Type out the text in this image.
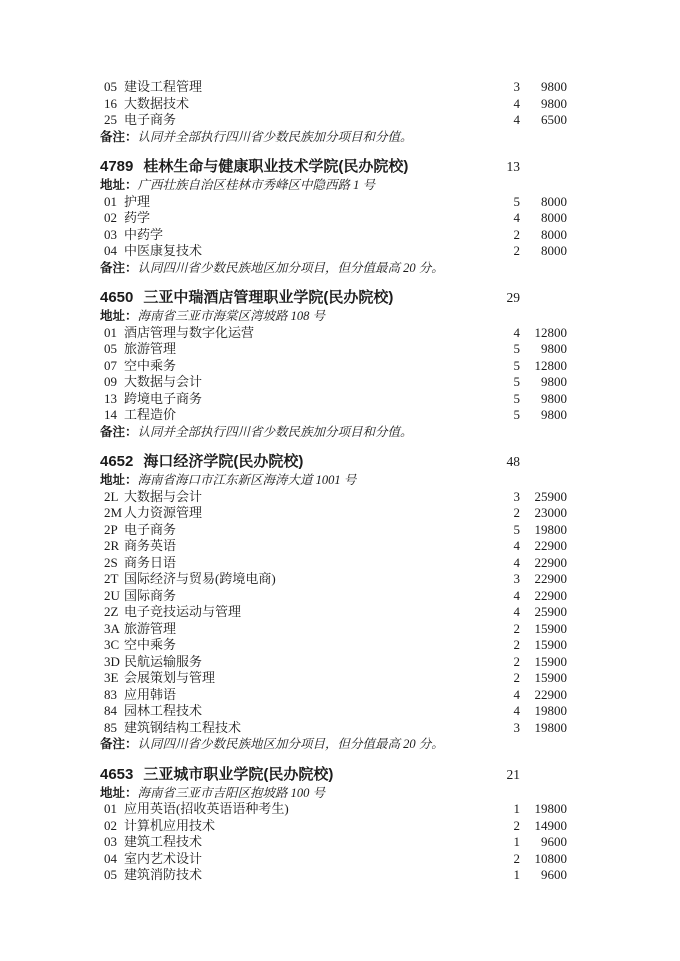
05 建设工程管理	3	9800
16 大数据技术	4	9800
25 电子商务	4	6500
备注：认同并全部执行四川省少数民族加分项目和分值。
4789 桂林生命与健康职业技术学院(民办院校)	13
地址：广西壮族自治区桂林市秀峰区中隐西路 1 号
01 护理	5	8000
02 药学	4	8000
03 中药学	2	8000
04 中医康复技术	2	8000
备注：认同四川省少数民族地区加分项目，但分值最高 20 分。
4650 三亚中瑞酒店管理职业学院(民办院校)	29
地址：海南省三亚市海棠区湾坡路 108 号
01 酒店管理与数字化运营	4	12800
05 旅游管理	5	9800
07 空中乘务	5	12800
09 大数据与会计	5	9800
13 跨境电子商务	5	9800
14 工程造价	5	9800
备注：认同并全部执行四川省少数民族加分项目和分值。
4652 海口经济学院(民办院校)	48
地址：海南省海口市江东新区海涛大道 1001 号
2L 大数据与会计	3	25900
2M 人力资源管理	2	23000
2P 电子商务	5	19800
2R 商务英语	4	22900
2S 商务日语	4	22900
2T 国际经济与贸易(跨境电商)	3	22900
2U 国际商务	4	22900
2Z 电子竞技运动与管理	4	25900
3A 旅游管理	2	15900
3C 空中乘务	2	15900
3D 民航运输服务	2	15900
3E 会展策划与管理	2	15900
83 应用韩语	4	22900
84 园林工程技术	4	19800
85 建筑钢结构工程技术	3	19800
备注：认同四川省少数民族地区加分项目，但分值最高 20 分。
4653 三亚城市职业学院(民办院校)	21
地址：海南省三亚市吉阳区抱坡路 100 号
01 应用英语(招收英语语种考生)	1	19800
02 计算机应用技术	2	14900
03 建筑工程技术	1	9600
04 室内艺术设计	2	10800
05 建筑消防技术	1	9600
